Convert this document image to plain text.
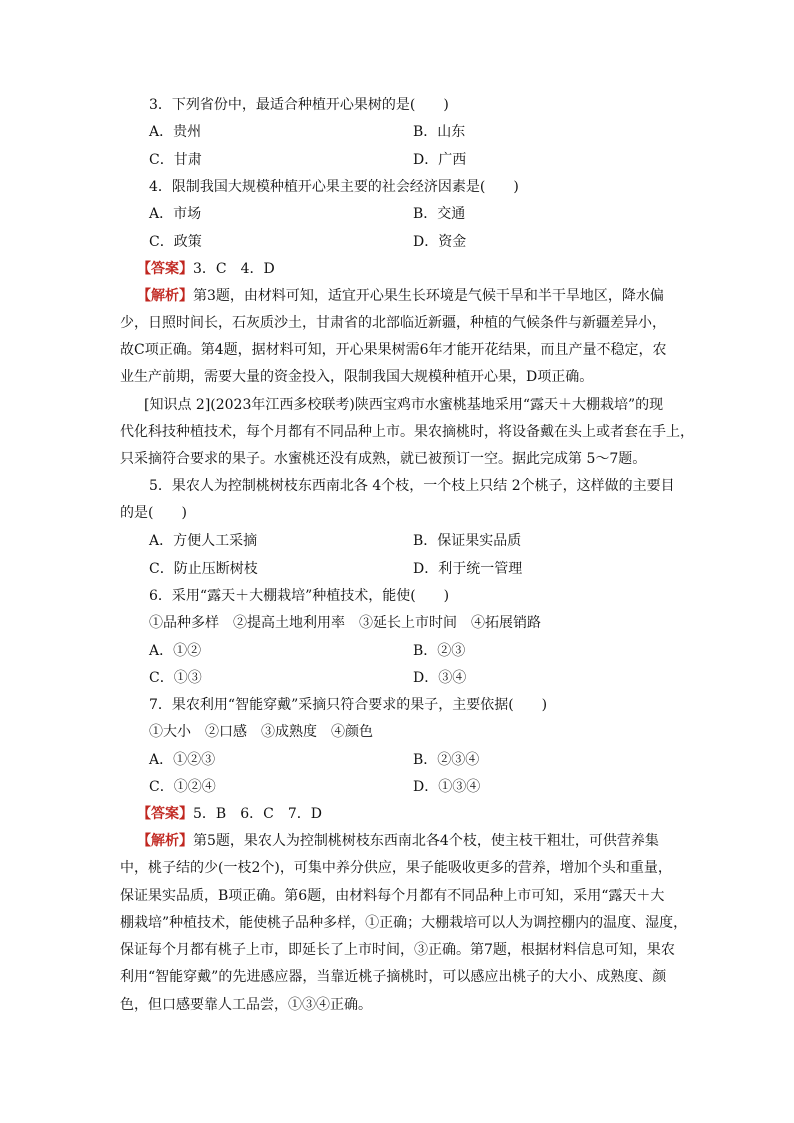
3．下列省份中，最适合种植开心果树的是(　　)
A．贵州	B．山东
C．甘肃	D．广西
4．限制我国大规模种植开心果主要的社会经济因素是(　　)
A．市场	B．交通
C．政策	D．资金
【答案】3．C　4．D
【解析】第3题，由材料可知，适宜开心果生长环境是气候干旱和半干旱地区，降水偏
少，日照时间长，石灰质沙土，甘肃省的北部临近新疆，种植的气候条件与新疆差异小，
故C项正确。第4题，据材料可知，开心果果树需6年才能开花结果，而且产量不稳定，农
业生产前期，需要大量的资金投入，限制我国大规模种植开心果，D项正确。
[知识点 2](2023年江西多校联考)陕西宝鸡市水蜜桃基地采用“露天＋大棚栽培”的现
代化科技种植技术，每个月都有不同品种上市。果农摘桃时，将设备戴在头上或者套在手上，
只采摘符合要求的果子。水蜜桃还没有成熟，就已被预订一空。据此完成第 5～7题。
5．果农人为控制桃树枝东西南北各 4个枝，一个枝上只结 2个桃子，这样做的主要目
的是(　　)
A．方便人工采摘	B．保证果实品质
C．防止压断树枝	D．利于统一管理
6．采用“露天＋大棚栽培”种植技术，能使(　　)
①品种多样　②提高土地利用率　③延长上市时间　④拓展销路
A．①②	B．②③
C．①③	D．③④
7．果农利用“智能穿戴”采摘只符合要求的果子，主要依据(　　)
①大小　②口感　③成熟度　④颜色
A．①②③	B．②③④
C．①②④	D．①③④
【答案】5．B　6．C　7．D
【解析】第5题，果农人为控制桃树枝东西南北各4个枝，使主枝干粗壮，可供营养集
中，桃子结的少(一枝2个)，可集中养分供应，果子能吸收更多的营养，增加个头和重量，
保证果实品质，B项正确。第6题，由材料每个月都有不同品种上市可知，采用“露天＋大
棚栽培”种植技术，能使桃子品种多样，①正确；大棚栽培可以人为调控棚内的温度、湿度，
保证每个月都有桃子上市，即延长了上市时间，③正确。第7题，根据材料信息可知，果农
利用“智能穿戴”的先进感应器，当靠近桃子摘桃时，可以感应出桃子的大小、成熟度、颜
色，但口感要靠人工品尝，①③④正确。
